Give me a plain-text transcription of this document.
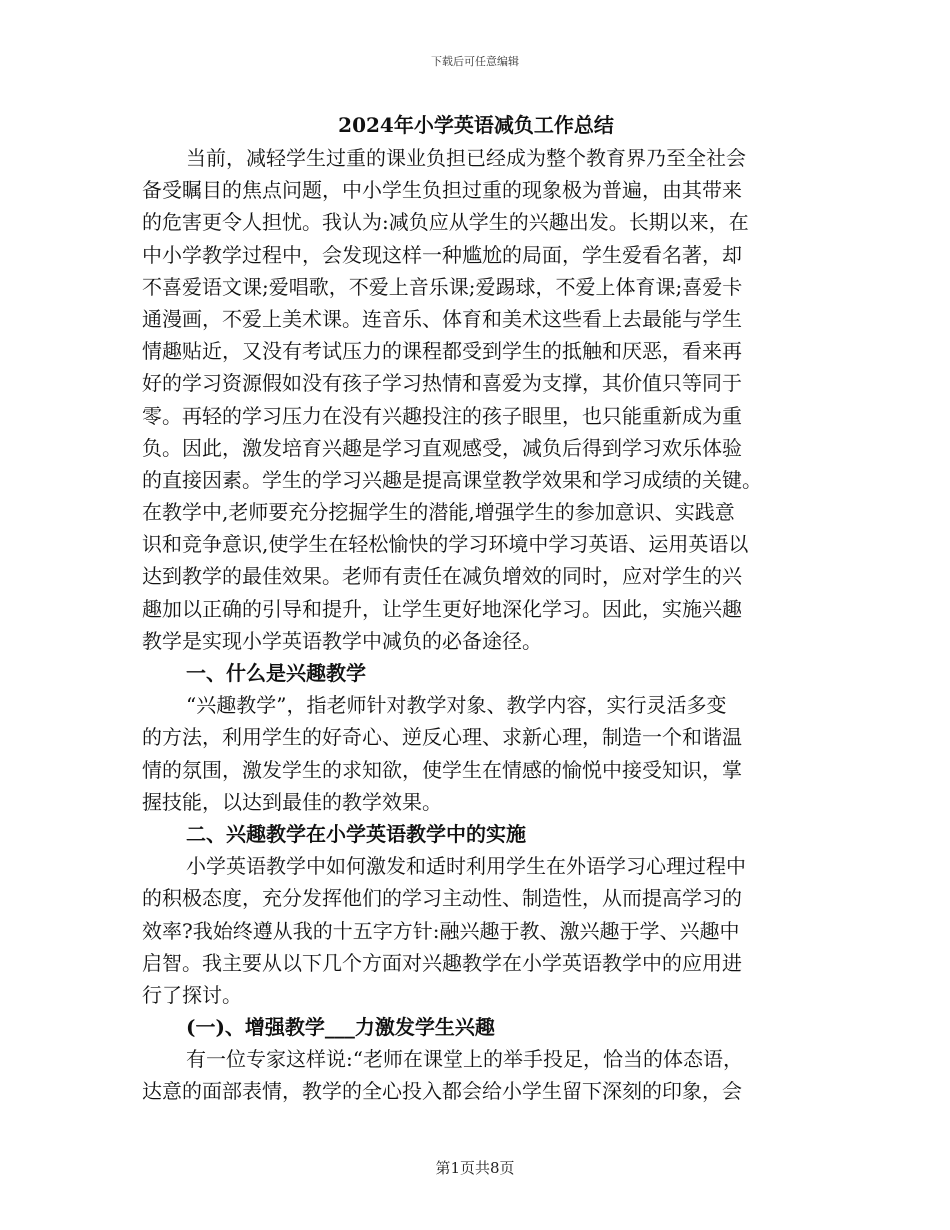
下载后可任意编辑
2024年小学英语减负工作总结
当前，减轻学生过重的课业负担已经成为整个教育界乃至全社会
备受瞩目的焦点问题，中小学生负担过重的现象极为普遍，由其带来
的危害更令人担忧。我认为:减负应从学生的兴趣出发。长期以来，在
中小学教学过程中，会发现这样一种尴尬的局面，学生爱看名著，却
不喜爱语文课;爱唱歌，不爱上音乐课;爱踢球，不爱上体育课;喜爱卡
通漫画，不爱上美术课。连音乐、体育和美术这些看上去最能与学生
情趣贴近，又没有考试压力的课程都受到学生的抵触和厌恶，看来再
好的学习资源假如没有孩子学习热情和喜爱为支撑，其价值只等同于
零。再轻的学习压力在没有兴趣投注的孩子眼里，也只能重新成为重
负。因此，激发培育兴趣是学习直观感受，减负后得到学习欢乐体验
的直接因素。学生的学习兴趣是提高课堂教学效果和学习成绩的关键。
在教学中,老师要充分挖掘学生的潜能,增强学生的参加意识、实践意
识和竞争意识,使学生在轻松愉快的学习环境中学习英语、运用英语以
达到教学的最佳效果。老师有责任在减负增效的同时，应对学生的兴
趣加以正确的引导和提升，让学生更好地深化学习。因此，实施兴趣
教学是实现小学英语教学中减负的必备途径。
一、什么是兴趣教学
“兴趣教学”，指老师针对教学对象、教学内容，实行灵活多变
的方法，利用学生的好奇心、逆反心理、求新心理，制造一个和谐温
情的氛围，激发学生的求知欲，使学生在情感的愉悦中接受知识，掌
握技能，以达到最佳的教学效果。
二、兴趣教学在小学英语教学中的实施
小学英语教学中如何激发和适时利用学生在外语学习心理过程中
的积极态度，充分发挥他们的学习主动性、制造性，从而提高学习的
效率?我始终遵从我的十五字方针:融兴趣于教、激兴趣于学、兴趣中
启智。我主要从以下几个方面对兴趣教学在小学英语教学中的应用进
行了探讨。
(一)、增强教学___力激发学生兴趣
有一位专家这样说:“老师在课堂上的举手投足，恰当的体态语，
达意的面部表情，教学的全心投入都会给小学生留下深刻的印象，会
第1页共8页
